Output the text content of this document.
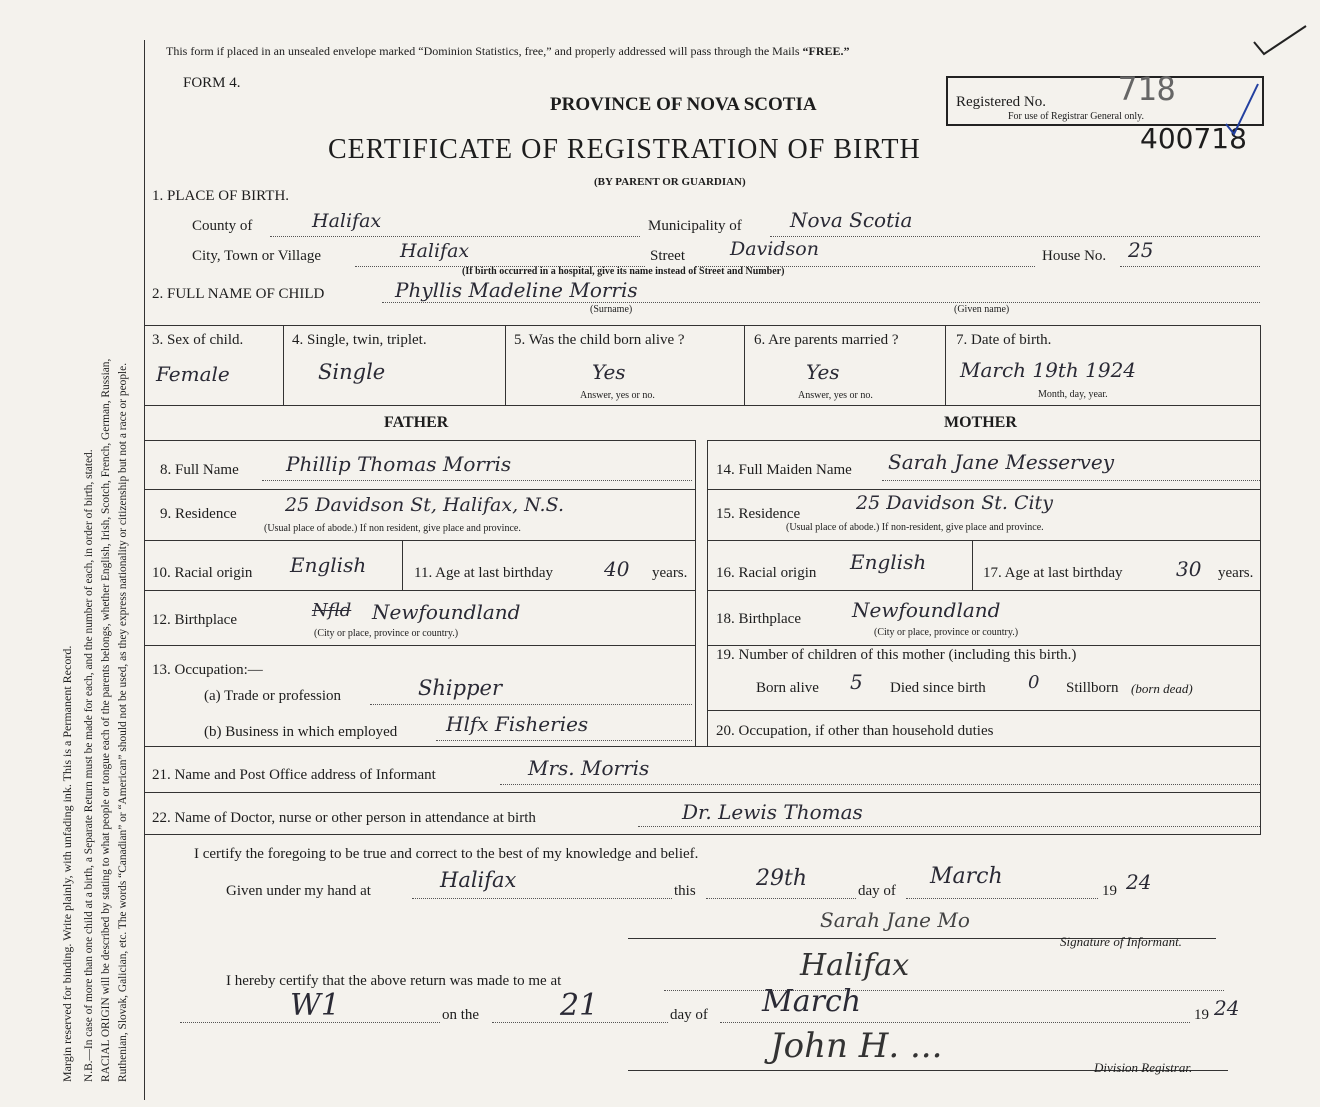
Margin reserved for binding. Write plainly, with unfading ink. This is a Permanent Record. N.B.—In case of more than one child at a birth, a Separate Return must be made for each, and the number of each, in order of birth, stated. RACIAL ORIGIN will be described by stating to what people or tongue each of the parents belongs, whether English, Irish, Scotch, French, German, Russian, Ruthenian, Slovak, Galician, etc. The words “Canadian” or “American” should not be used, as they express nationality or citizenship but not a race or people.
This form if placed in an unsealed envelope marked “Dominion Statistics, free,” and properly addressed will pass through the Mails “FREE.”
FORM 4.
PROVINCE OF NOVA SCOTIA
CERTIFICATE OF REGISTRATION OF BIRTH
(BY PARENT OR GUARDIAN)
Registered No. 718
For use of Registrar General only.
400718
1. PLACE OF BIRTH.
County of	Halifax	Municipality of Nova Scotia
City, Town or Village	Halifax	Street Davidson	House No. 25
(If birth occurred in a hospital, give its name instead of Street and Number)
2. FULL NAME OF CHILD	Phyllis Madeline Morris
(Surname)	(Given name)
3. Sex of child.
Female
4. Single, twin, triplet.
Single
5. Was the child born alive ?
Yes
Answer, yes or no.
6. Are parents married ?
Yes
Answer, yes or no.
7. Date of birth.
March 19th 1924
Month, day, year.
FATHER	MOTHER
8. Full Name Phillip Thomas Morris
9. Residence	25 Davidson St, Halifax, N.S.
(Usual place of abode.) If non resident, give place and province.
10. Racial origin English	11. Age at last birthday	40 years.
12. Birthplace	Nfld Newfoundland
(City or place, province or country.)
13. Occupation:—
(a) Trade or profession	Shipper
(b) Business in which employed Hlfx Fisheries
14. Full Maiden Name Sarah Jane Messervey
15. Residence	25 Davidson St. City
(Usual place of abode.) If non-resident, give place and province.
16. Racial origin English	17. Age at last birthday	30 years.
18. Birthplace	Newfoundland
(City or place, province or country.)
19. Number of children of this mother (including this birth.)
Born alive 5 Died since birth 0 Stillborn (born dead)
20. Occupation, if other than household duties
21. Name and Post Office address of Informant	Mrs. Morris
22. Name of Doctor, nurse or other person in attendance at birth	Dr. Lewis Thomas
I certify the foregoing to be true and correct to the best of my knowledge and belief.
Given under my hand at	Halifax	this	29th	day of
March
19 24
Sarah Jane Mo
Signature of Informant.
I hereby certify that the above return was made to me at	Halifax
W1	on the	21	day of March	19 24
John H. ...
Division Registrar.
